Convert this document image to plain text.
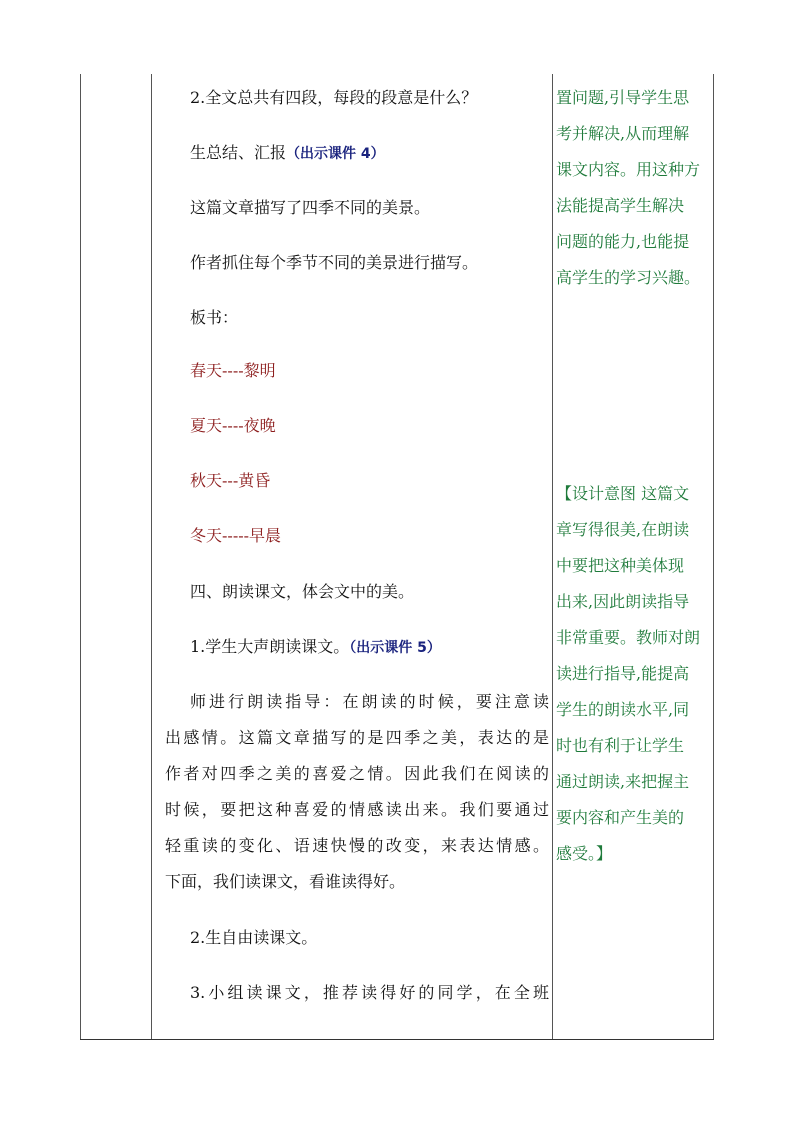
2.全文总共有四段，每段的段意是什么？
生总结、汇报（出示课件 4）
这篇文章描写了四季不同的美景。
作者抓住每个季节不同的美景进行描写。
板书：
春天----黎明
夏天----夜晚
秋天---黄昏
冬天-----早晨
四、朗读课文，体会文中的美。
1.学生大声朗读课文。（出示课件 5）
师进行朗读指导：在朗读的时候，要注意读
出感情。这篇文章描写的是四季之美，表达的是
作者对四季之美的喜爱之情。因此我们在阅读的
时候，要把这种喜爱的情感读出来。我们要通过
轻重读的变化、语速快慢的改变，来表达情感。
下面，我们读课文，看谁读得好。
2.生自由读课文。
3.小组读课文，推荐读得好的同学，在全班
置问题,引导学生思
考并解决,从而理解
课文内容。用这种方
法能提高学生解决
问题的能力,也能提
高学生的学习兴趣。
【设计意图 这篇文
章写得很美,在朗读
中要把这种美体现
出来,因此朗读指导
非常重要。教师对朗
读进行指导,能提高
学生的朗读水平,同
时也有利于让学生
通过朗读,来把握主
要内容和产生美的
感受。】
